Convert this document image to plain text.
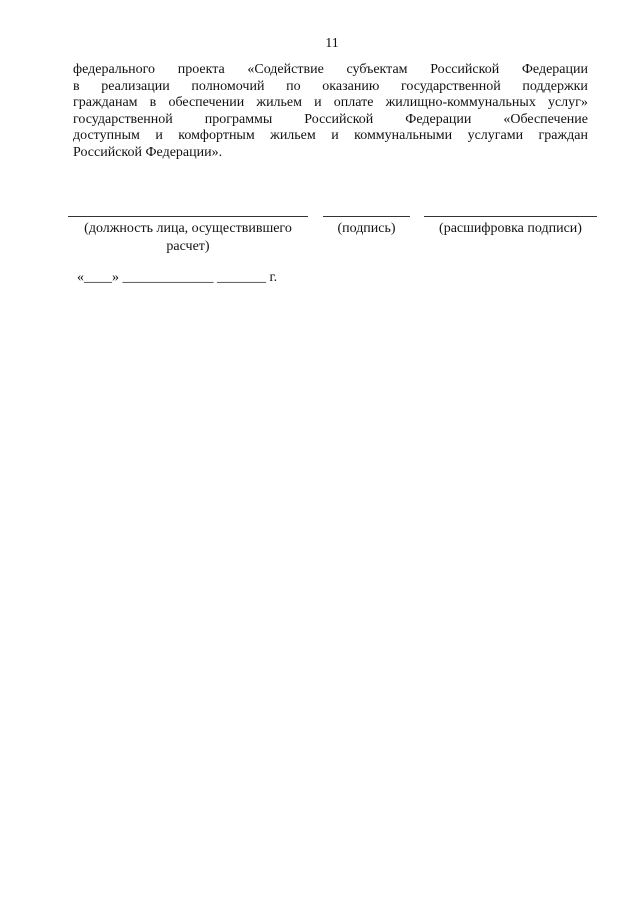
11
федерального проекта «Содействие субъектам Российской Федерации
в реализации полномочий по оказанию государственной поддержки
гражданам в обеспечении жильем и оплате жилищно-коммунальных услуг»
государственной программы Российской Федерации «Обеспечение
доступным и комфортным жильем и коммунальными услугами граждан
Российской Федерации».
(должность лица, осуществившего
расчет)
(подпись)	(расшифровка подписи)
«____» _____________ _______ г.
